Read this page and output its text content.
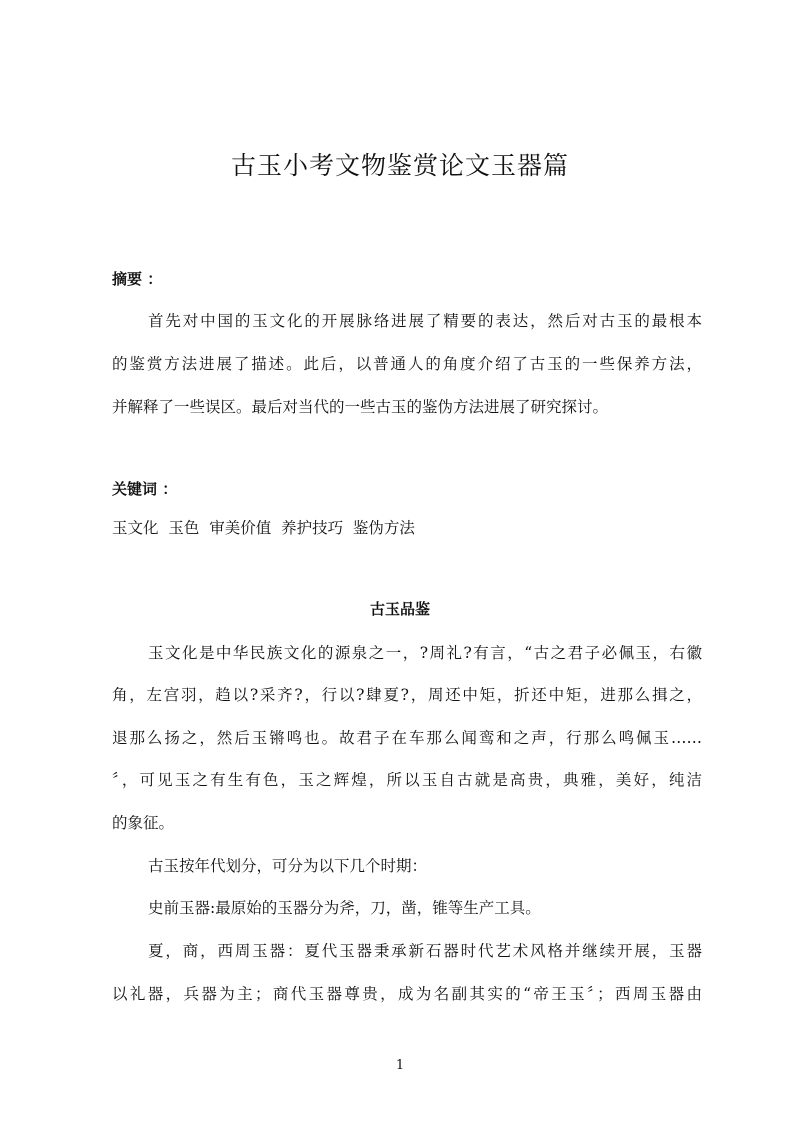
古玉小考文物鉴赏论文玉器篇

摘要 ：

首先对中国的玉文化的开展脉络进展了精要的表达，然后对古玉的最根本

的鉴赏方法进展了描述。此后，以普通人的角度介绍了古玉的一些保养方法，

并解释了一些误区。最后对当代的一些古玉的鉴伪方法进展了研究探讨。

关键词 ：

玉文化  玉色  审美价值  养护技巧  鉴伪方法

古玉品鉴

玉文化是中华民族文化的源泉之一，?周礼?有言，“古之君子必佩玉，右徽

角，左宫羽，趋以?采齐?，行以?肆夏?，周还中矩，折还中矩，进那么揖之，

退那么扬之，然后玉锵鸣也。故君子在车那么闻鸾和之声，行那么鸣佩玉……

〞，可见玉之有生有色，玉之辉煌，所以玉自古就是高贵，典雅，美好，纯洁

的象征。

古玉按年代划分，可分为以下几个时期：

史前玉器:最原始的玉器分为斧，刀，凿，锥等生产工具。

夏，商，西周玉器：夏代玉器秉承新石器时代艺术风格并继续开展，玉器

以礼器，兵器为主；商代玉器尊贵，成为名副其实的“帝王玉〞；西周玉器由

1
